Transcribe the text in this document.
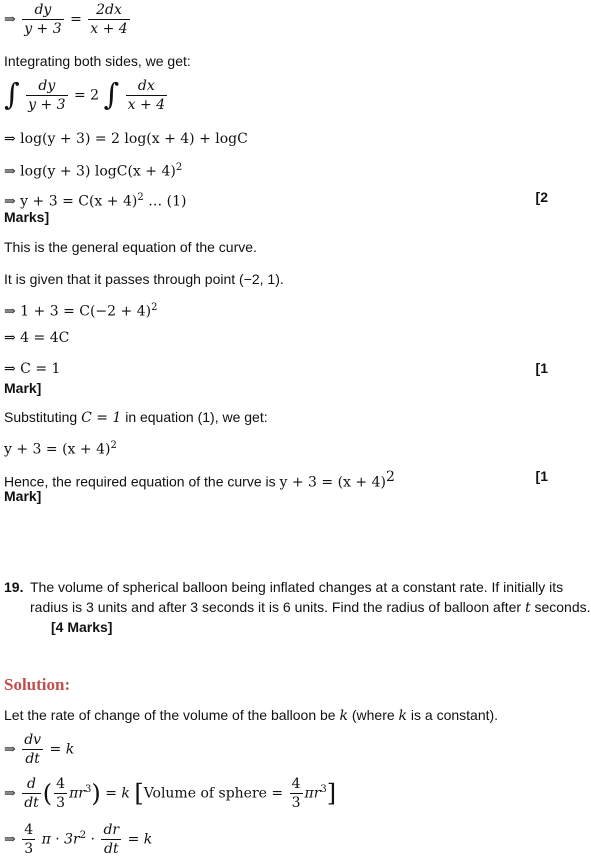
⇒ $\frac{dy}{y + 3} = \frac{2dx}{x + 4}$
Integrating both sides, we get:
∫ $\frac{dy}{y + 3} = 2$ ∫ $\frac{dx}{x + 4}$
⇒ log(y + 3) = 2 log(x + 4) + logC
⇒ log(y + 3) $\log C(x + 4)^2$
⇒ $y + 3 = C(x + 4)^2$ … (1)	[2
Marks]
This is the general equation of the curve.
It is given that it passes through point (−2, 1).
⇒ $1 + 3 = C(-2 + 4)^2$
⇒ 4 = 4C
⇒ C = 1	[1
Mark]
Substituting C = 1 in equation (1), we get:
$y + 3 = (x + 4)^2$
Hence, the required equation of the curve is $y + 3 = (x + 4)^2$	[1
Mark]
19. The volume of spherical balloon being inflated changes at a constant rate. If initially its
radius is 3 units and after 3 seconds it is 6 units. Find the radius of balloon after t seconds.
[4 Marks]
Solution:
Let the rate of change of the volume of the balloon be k (where k is a constant).
⇒ $\frac{dv}{dt} = k$
⇒ $\frac{d}{dt}$ ( $\frac{4}{3} \pi r^3) = k$ [Volume of sphere = $\frac{4}{3} \pi r^3$]
⇒ $\frac{4}{3}$ $\pi \cdot 3r^2 \cdot \frac{dr}{dt} = k$
